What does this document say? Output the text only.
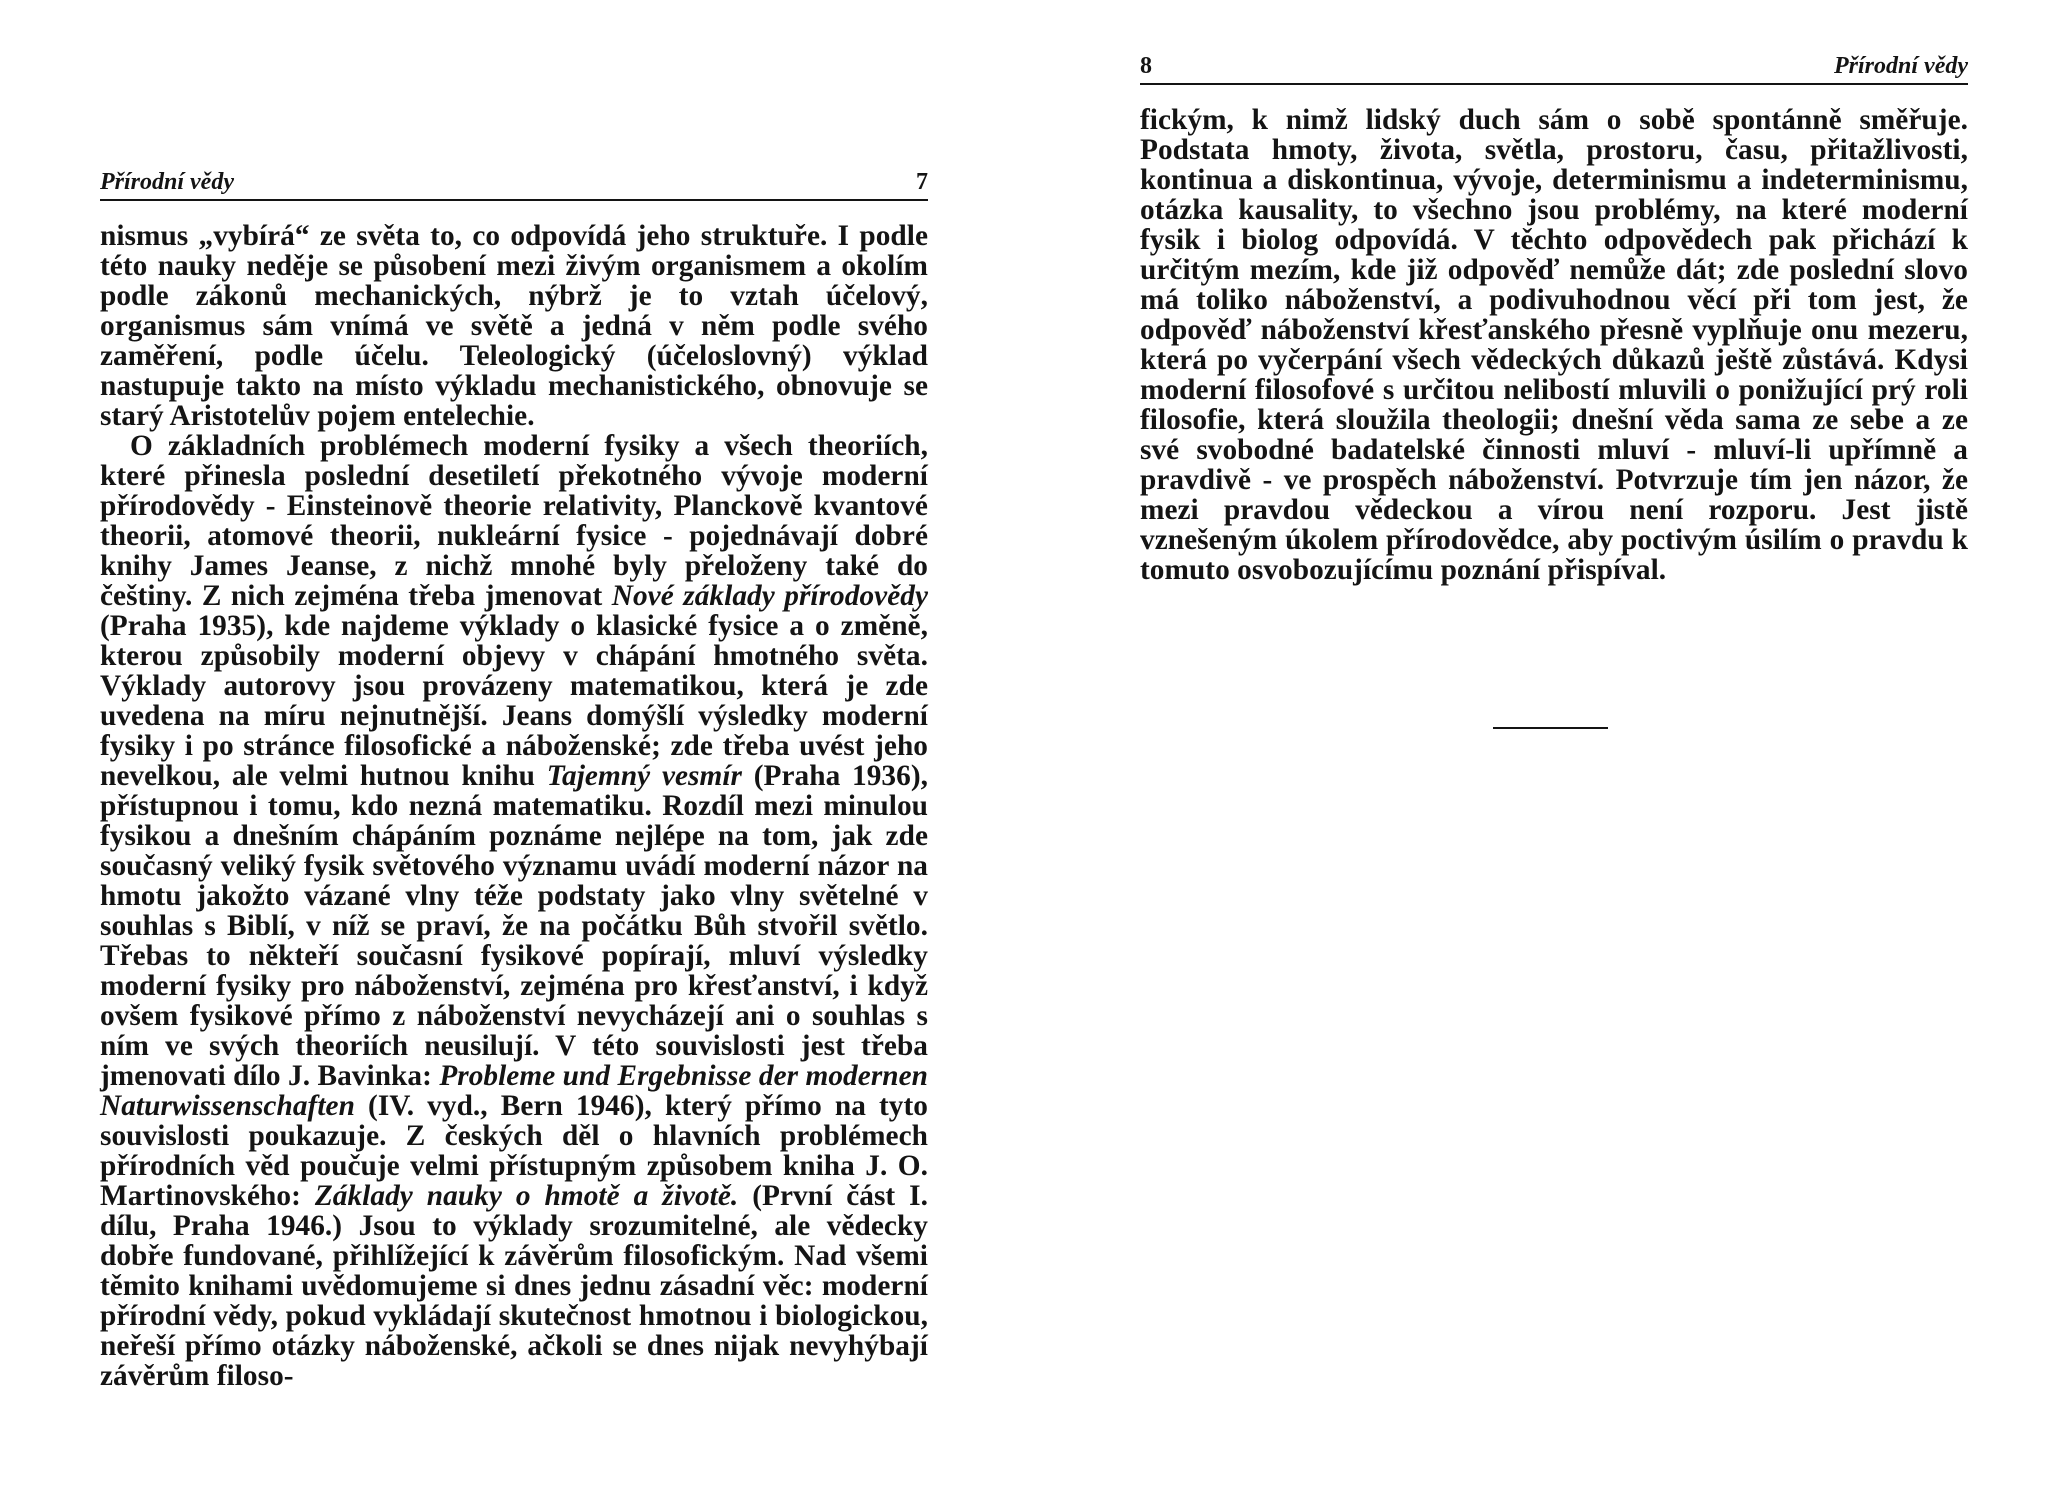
Přírodní vědy	7

nismus „vybírá“ ze světa to, co odpovídá jeho struktuře. I podle této nauky neděje se působení mezi živým organismem a okolím podle zákonů mechanických, nýbrž je to vztah účelový, organismus sám vnímá ve světě a jedná v něm podle svého zaměření, podle účelu. Teleologický (účeloslovný) výklad nastupuje takto na místo výkladu mechanistického, obnovuje se starý Aristotelův pojem entelechie.

O základních problémech moderní fysiky a všech theoriích, které přinesla poslední desetiletí překotného vývoje moderní přírodovědy - Einsteinově theorie relativity, Planckově kvantové theorii, atomové theorii, nukleární fysice - pojednávají dobré knihy James Jeanse, z nichž mnohé byly přeloženy také do češtiny. Z nich zejména třeba jmenovat Nové základy přírodovědy (Praha 1935), kde najdeme výklady o klasické fysice a o změně, kterou způsobily moderní objevy v chápání hmotného světa. Výklady autorovy jsou provázeny matematikou, která je zde uvedena na míru nejnutnější. Jeans domýšlí výsledky moderní fysiky i po stránce filosofické a náboženské; zde třeba uvést jeho nevelkou, ale velmi hutnou knihu Tajemný vesmír (Praha 1936), přístupnou i tomu, kdo nezná matematiku. Rozdíl mezi minulou fysikou a dnešním chápáním poznáme nejlépe na tom, jak zde současný veliký fysik světového významu uvádí moderní názor na hmotu jakožto vázané vlny téže podstaty jako vlny světelné v souhlas s Biblí, v níž se praví, že na počátku Bůh stvořil světlo. Třebas to někteří současní fysikové popírají, mluví výsledky moderní fysiky pro náboženství, zejména pro křesťanství, i když ovšem fysikové přímo z náboženství nevycházejí ani o souhlas s ním ve svých theoriích neusilují. V této souvislosti jest třeba jmenovati dílo J. Bavinka: Probleme und Ergebnisse der modernen Naturwissenschaften (IV. vyd., Bern 1946), který přímo na tyto souvislosti poukazuje. Z českých děl o hlavních problémech přírodních věd poučuje velmi přístupným způsobem kniha J. O. Martinovského: Základy nauky o hmotě a životě. (První část I. dílu, Praha 1946.) Jsou to výklady srozumitelné, ale vědecky dobře fundované, přihlížející k závěrům filosofickým. Nad všemi těmito knihami uvědomujeme si dnes jednu zásadní věc: moderní přírodní vědy, pokud vykládají skutečnost hmotnou i biologickou, neřeší přímo otázky náboženské, ačkoli se dnes nijak nevyhýbají závěrům filoso-

8	Přírodní vědy

fickým, k nimž lidský duch sám o sobě spontánně směřuje. Podstata hmoty, života, světla, prostoru, času, přitažlivosti, kontinua a diskontinua, vývoje, determinismu a indeterminismu, otázka kausality, to všechno jsou problémy, na které moderní fysik i biolog odpovídá. V těchto odpovědech pak přichází k určitým mezím, kde již odpověď nemůže dát; zde poslední slovo má toliko náboženství, a podivuhodnou věcí při tom jest, že odpověď náboženství křesťanského přesně vyplňuje onu mezeru, která po vyčerpání všech vědeckých důkazů ještě zůstává. Kdysi moderní filosofové s určitou nelibostí mluvili o ponižující prý roli filosofie, která sloužila theologii; dnešní věda sama ze sebe a ze své svobodné badatelské činnosti mluví - mluví-li upřímně a pravdivě - ve prospěch náboženství. Potvrzuje tím jen názor, že mezi pravdou vědeckou a vírou není rozporu. Jest jistě vznešeným úkolem přírodovědce, aby poctivým úsilím o pravdu k tomuto osvobozujícímu poznání přispíval.
